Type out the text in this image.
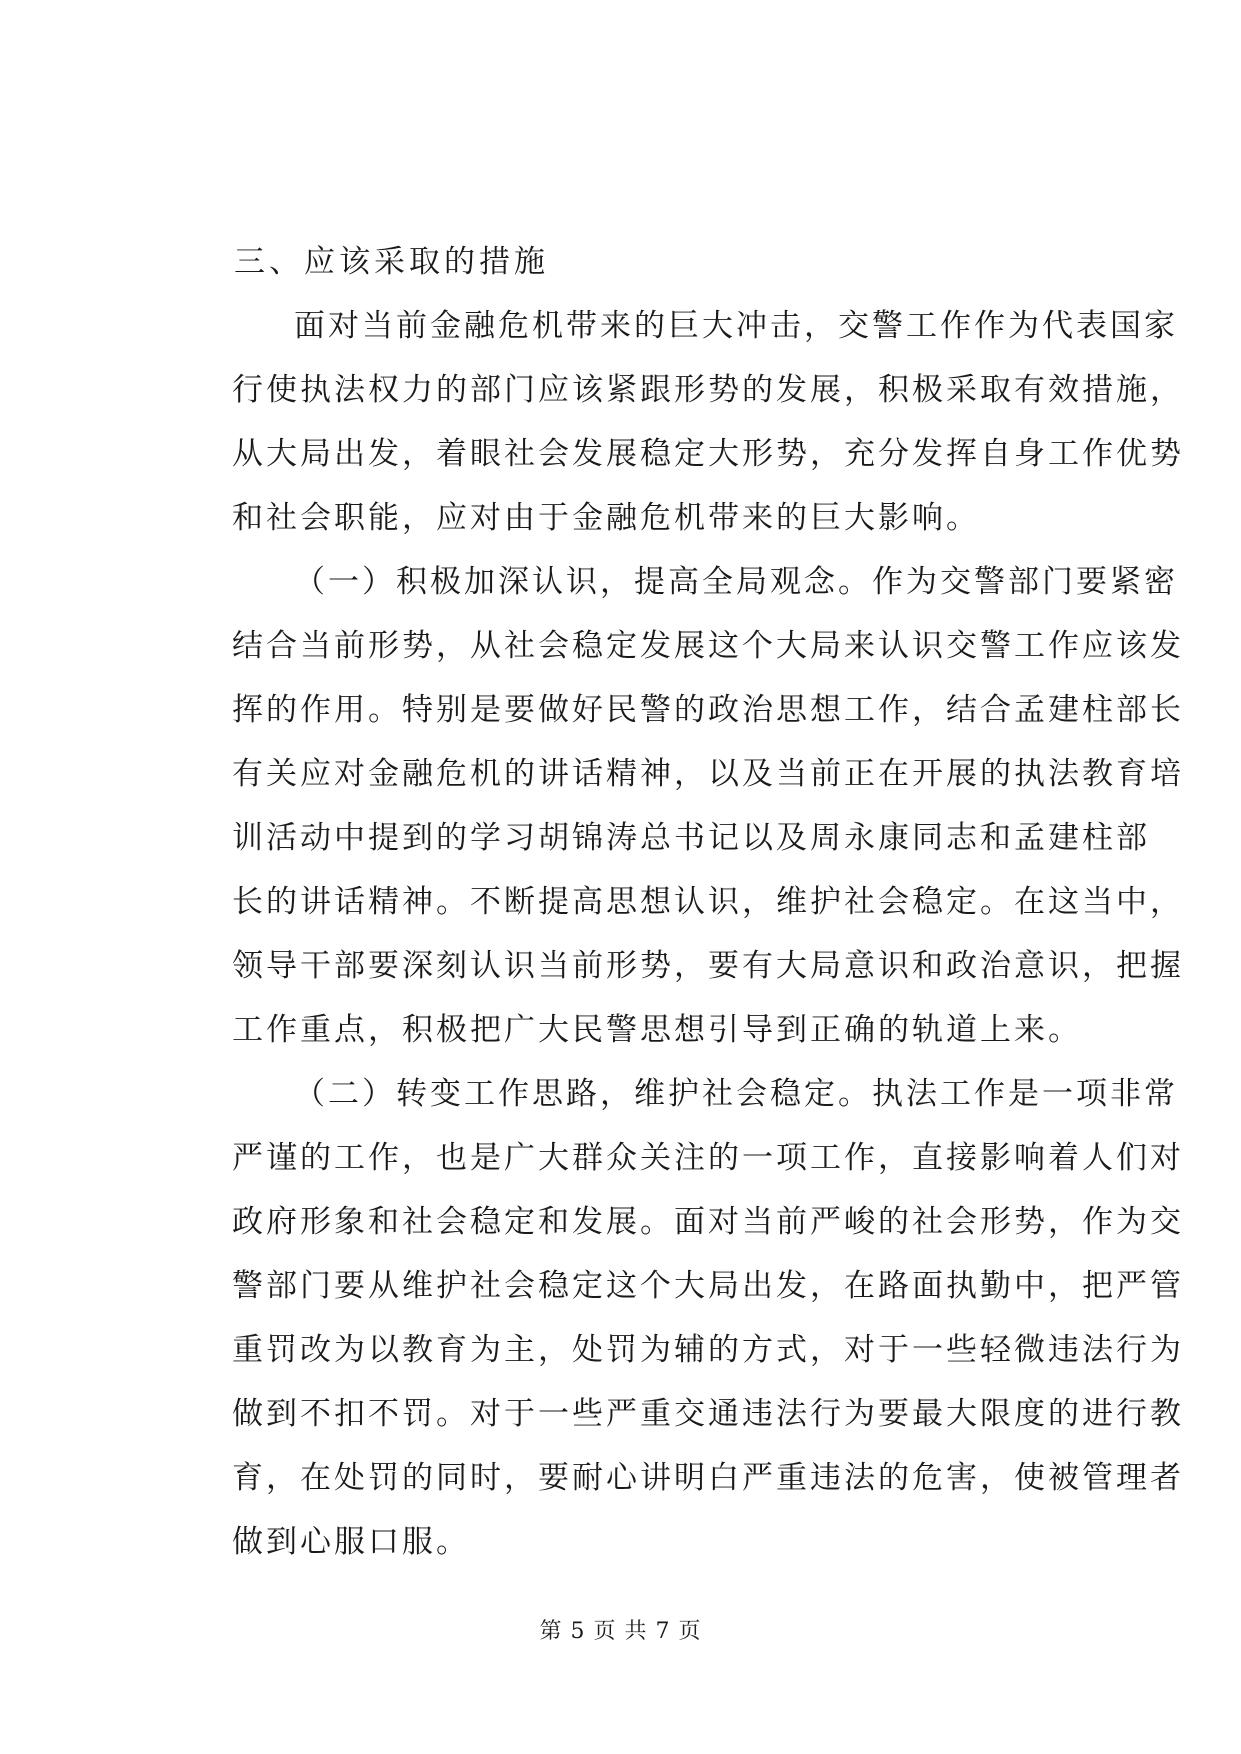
三、应该采取的措施
面对当前金融危机带来的巨大冲击，交警工作作为代表国家
行使执法权力的部门应该紧跟形势的发展，积极采取有效措施，
从大局出发，着眼社会发展稳定大形势，充分发挥自身工作优势
和社会职能，应对由于金融危机带来的巨大影响。
（一）积极加深认识，提高全局观念。作为交警部门要紧密
结合当前形势，从社会稳定发展这个大局来认识交警工作应该发
挥的作用。特别是要做好民警的政治思想工作，结合孟建柱部长
有关应对金融危机的讲话精神，以及当前正在开展的执法教育培
训活动中提到的学习胡锦涛总书记以及周永康同志和孟建柱部
长的讲话精神。不断提高思想认识，维护社会稳定。在这当中，
领导干部要深刻认识当前形势，要有大局意识和政治意识，把握
工作重点，积极把广大民警思想引导到正确的轨道上来。
（二）转变工作思路，维护社会稳定。执法工作是一项非常
严谨的工作，也是广大群众关注的一项工作，直接影响着人们对
政府形象和社会稳定和发展。面对当前严峻的社会形势，作为交
警部门要从维护社会稳定这个大局出发，在路面执勤中，把严管
重罚改为以教育为主，处罚为辅的方式，对于一些轻微违法行为
做到不扣不罚。对于一些严重交通违法行为要最大限度的进行教
育，在处罚的同时，要耐心讲明白严重违法的危害，使被管理者
做到心服口服。
第 5 页 共 7 页
